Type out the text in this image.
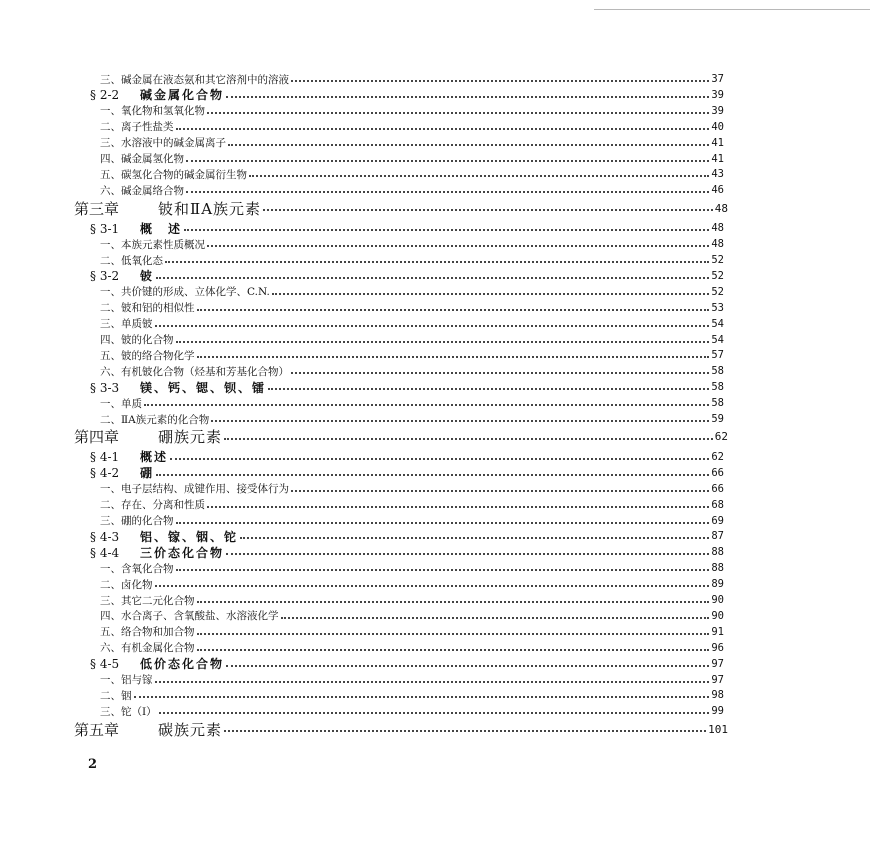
三、碱金属在液态氨和其它溶剂中的溶液	37
§ 2-2 碱金属化合物	39
一、氧化物和氢氧化物	39
二、离子性盐类	40
三、水溶液中的碱金属离子	41
四、碱金属氢化物	41
五、碳氢化合物的碱金属衍生物	43
六、碱金属络合物	46
第三章	铍和ⅡA族元素	48
§ 3-1 概　述	48
一、本族元素性质概况	48
二、低氧化态	52
§ 3-2 铍	52
一、共价键的形成、立体化学、C.N.	52
二、铍和铝的相似性	53
三、单质铍	54
四、铍的化合物	54
五、铍的络合物化学	57
六、有机铍化合物（烃基和芳基化合物）	58
§ 3-3 镁、钙、锶、钡、镭	58
一、单质	58
二、ⅡA族元素的化合物	59
第四章	硼族元素	62
§ 4-1 概述	62
§ 4-2 硼	66
一、电子层结构、成键作用、接受体行为	66
二、存在、分离和性质	68
三、硼的化合物	69
§ 4-3 铝、镓、铟、铊	87
§ 4-4 三价态化合物	88
一、含氧化合物	88
二、卤化物	89
三、其它二元化合物	90
四、水合离子、含氧酸盐、水溶液化学	90
五、络合物和加合物	91
六、有机金属化合物	96
§ 4-5 低价态化合物	97
一、铝与镓	97
二、铟	98
三、铊（Ⅰ）	99
第五章	碳族元素	101
2
